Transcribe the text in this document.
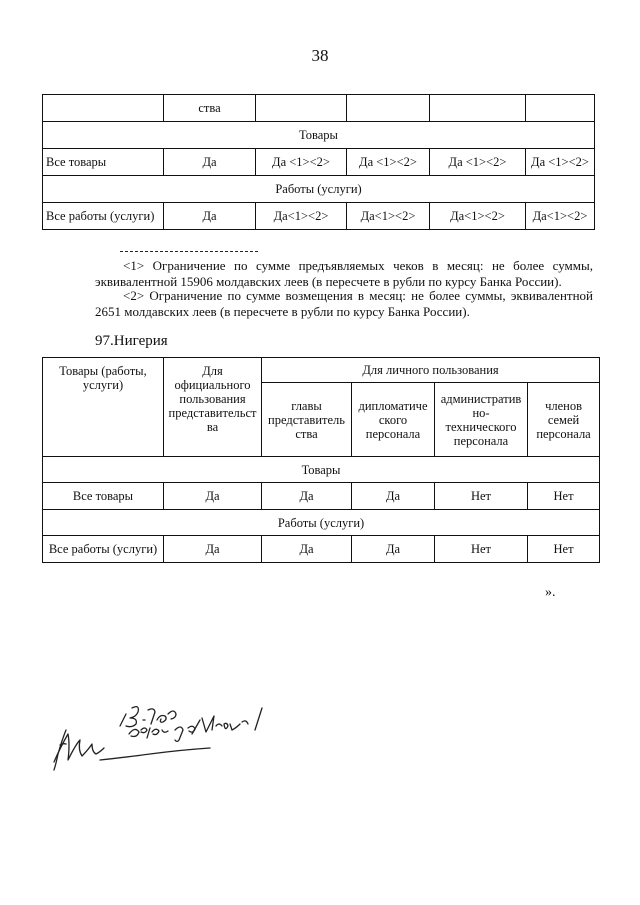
38
	ства				
Товары					
Все товары	Да	Да <1><2>	Да <1><2>	Да <1><2>	Да <1><2>
Работы (услуги)					
Все работы (услуги)	Да	Да<1><2>	Да<1><2>	Да<1><2>	Да<1><2>
<1> Ограничение по сумме предъявляемых чеков в месяц: не более суммы, эквивалентной 15906 молдавских леев (в пересчете в рубли по курсу Банка России).
<2> Ограничение по сумме возмещения в месяц: не более суммы, эквивалентной 2651 молдавских леев (в пересчете в рубли по курсу Банка России).
97.Нигерия
Товары (работы, услуги)	Для официального пользования представительст ва	Для личного пользования			
		главы представитель ства	дипломатиче ского персонала	административ но- технического персонала	членов семей персонала
Товары					
Все товары	Да	Да	Да	Нет	Нет
Работы (услуги)					
Все работы (услуги)	Да	Да	Да	Нет	Нет
».
